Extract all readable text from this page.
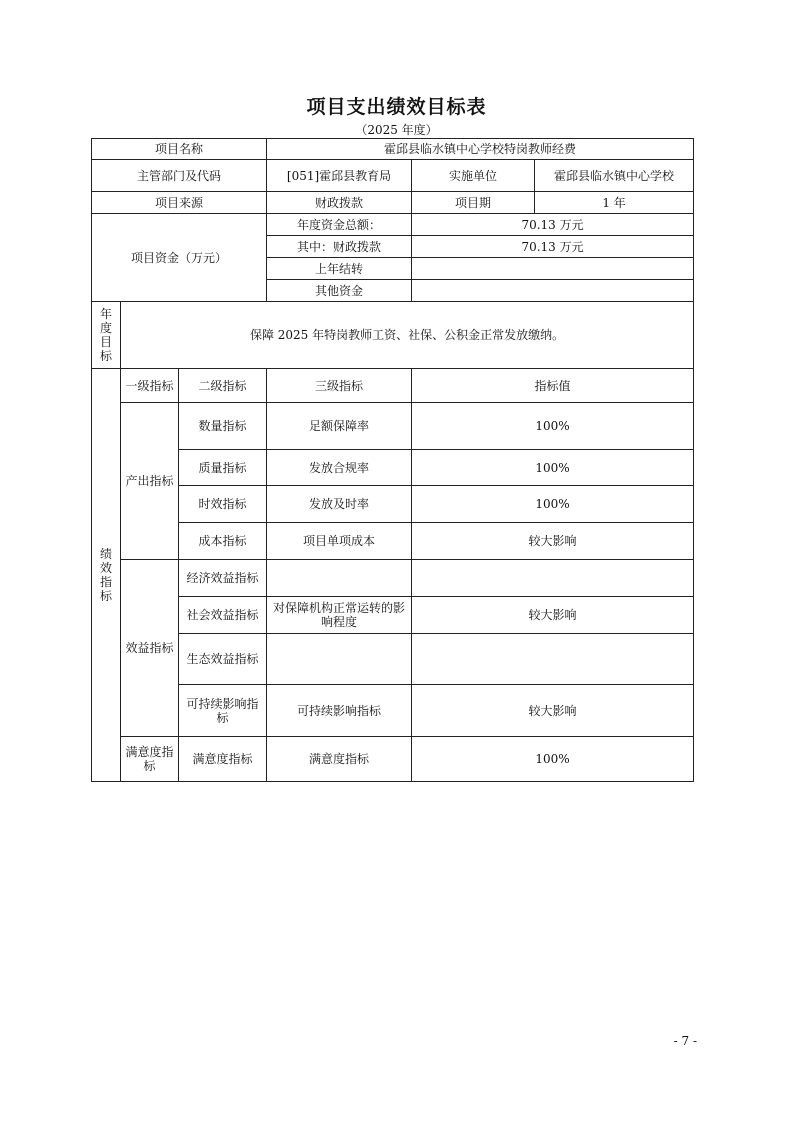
项目支出绩效目标表
（2025 年度）
项目名称			霍邱县临水镇中心学校特岗教师经费		
主管部门及代码			[051]霍邱县教育局	实施单位	霍邱县临水镇中心学校
项目来源			财政拨款	项目期	1 年
项目资金（万元）			年度资金总额：	70.13 万元	
			其中：财政拨款	70.13 万元	
			上年结转		
			其他资金		
年度目标	保障 2025 年特岗教师工资、社保、公积金正常发放缴纳。				
绩效指标	一级指标	二级指标	三级指标	指标值	
	产出指标	数量指标	足额保障率	100%	
		质量指标	发放合规率	100%	
		时效指标	发放及时率	100%	
		成本指标	项目单项成本	较大影响	
	效益指标	经济效益指标			
		社会效益指标	对保障机构正常运转的影响程度	较大影响	
		生态效益指标			
		可持续影响指标	可持续影响指标	较大影响	
	满意度指标	满意度指标	满意度指标	100%	
- 7 -
